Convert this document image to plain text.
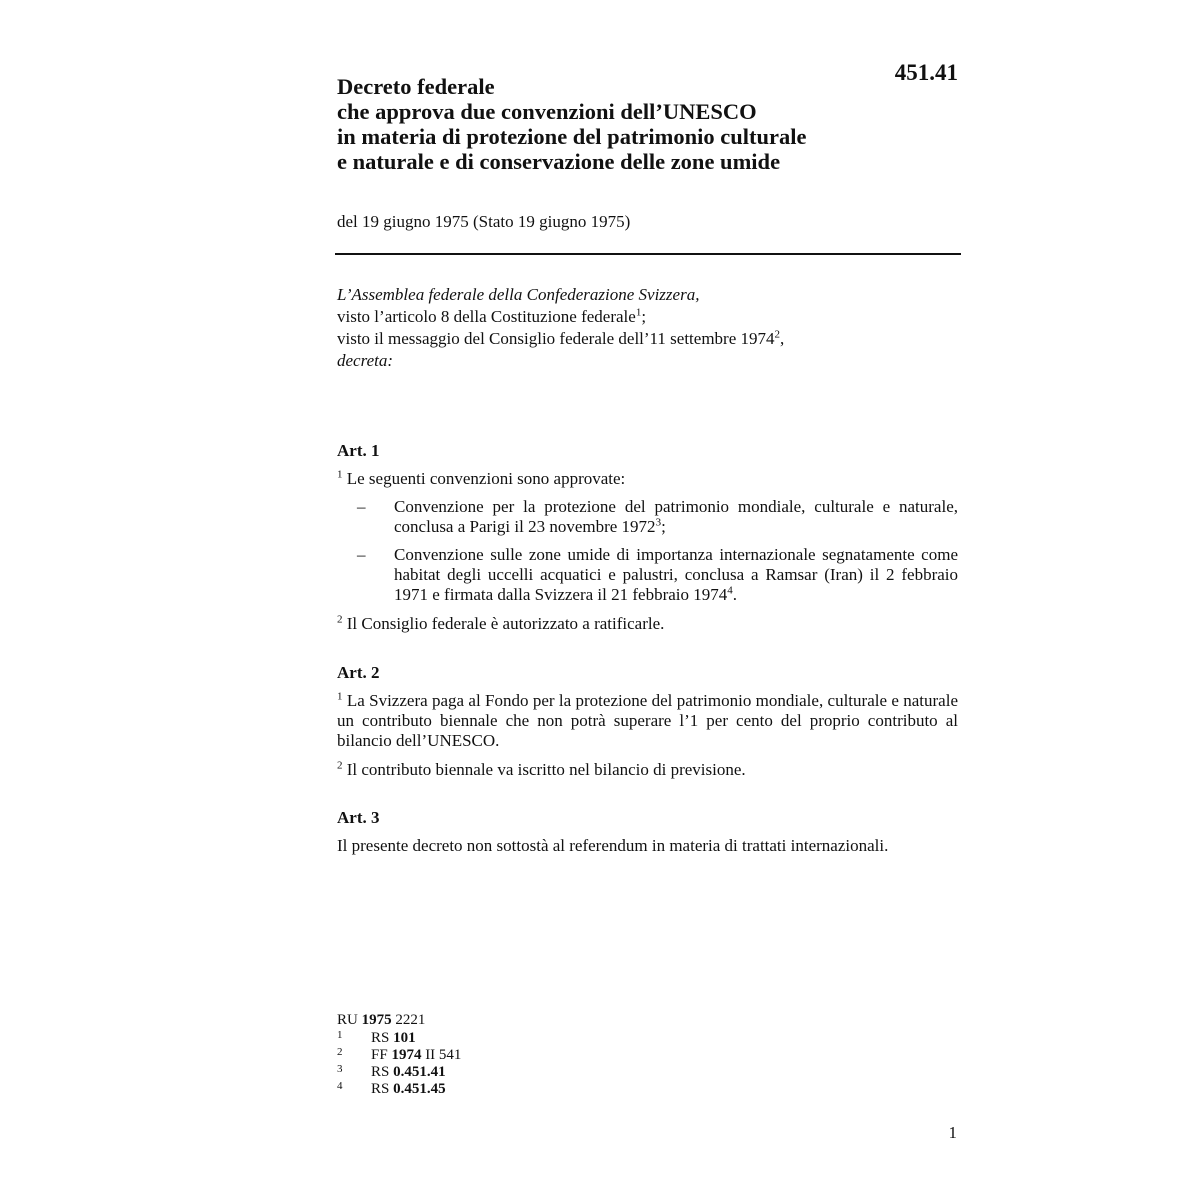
451.41
Decreto federale
che approva due convenzioni dell’UNESCO
in materia di protezione del patrimonio culturale
e naturale e di conservazione delle zone umide
del 19 giugno 1975 (Stato 19 giugno 1975)
L’Assemblea federale della Confederazione Svizzera,
visto l’articolo 8 della Costituzione federale$^1$;
visto il messaggio del Consiglio federale dell’11 settembre 1974$^2$,
decreta:
Art. 1
$^1$ Le seguenti convenzioni sono approvate:
– Convenzione per la protezione del patrimonio mondiale, culturale e naturale, conclusa a Parigi il 23 novembre 1972$^3$;
– Convenzione sulle zone umide di importanza internazionale segnatamente come habitat degli uccelli acquatici e palustri, conclusa a Ramsar (Iran) il 2 febbraio 1971 e firmata dalla Svizzera il 21 febbraio 1974$^4$.
$^2$ Il Consiglio federale è autorizzato a ratificarle.
Art. 2
$^1$ La Svizzera paga al Fondo per la protezione del patrimonio mondiale, culturale e naturale un contributo biennale che non potrà superare l’1 per cento del proprio contributo al bilancio dell’UNESCO.
$^2$ Il contributo biennale va iscritto nel bilancio di previsione.
Art. 3
Il presente decreto non sottostà al referendum in materia di trattati internazionali.
RU 1975 2221
1 RS 101
2 FF 1974 II 541
3 RS 0.451.41
4 RS 0.451.45
1
